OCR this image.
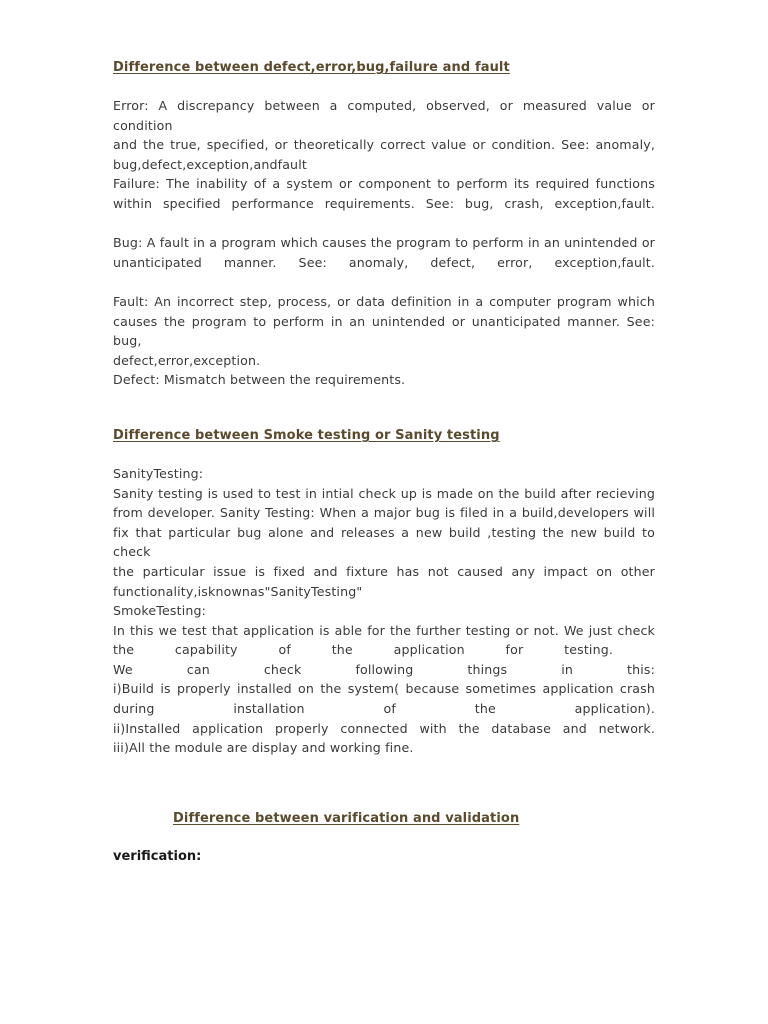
Difference between defect,error,bug,failure and fault
Error: A discrepancy between a computed, observed, or measured value or condition
and the true, specified, or theoretically correct value or condition. See: anomaly,
bug,defect,exception,andfault
Failure: The inability of a system or component to perform its required functions
within specified performance requirements. See: bug, crash, exception,fault.
Bug: A fault in a program which causes the program to perform in an unintended or
unanticipated manner. See: anomaly, defect, error, exception,fault.
Fault: An incorrect step, process, or data definition in a computer program which
causes the program to perform in an unintended or unanticipated manner. See: bug,
defect,error,exception.
Defect: Mismatch between the requirements.
Difference between Smoke testing or Sanity testing
SanityTesting:
Sanity testing is used to test in intial check up is made on the build after recieving
from developer. Sanity Testing: When a major bug is filed in a build,developers will
fix that particular bug alone and releases a new build ,testing the new build to check
the particular issue is fixed and fixture has not caused any impact on other
functionality,isknownas"SanityTesting"
SmokeTesting:
In this we test that application is able for the further testing or not. We just check
the capability of the application for testing.
We can check following things in this:
i)Build is properly installed on the system( because sometimes application crash
during installation of the application).
ii)Installed application properly connected with the database and network.
iii)All the module are display and working fine.
Difference between varification and validation
verification:
